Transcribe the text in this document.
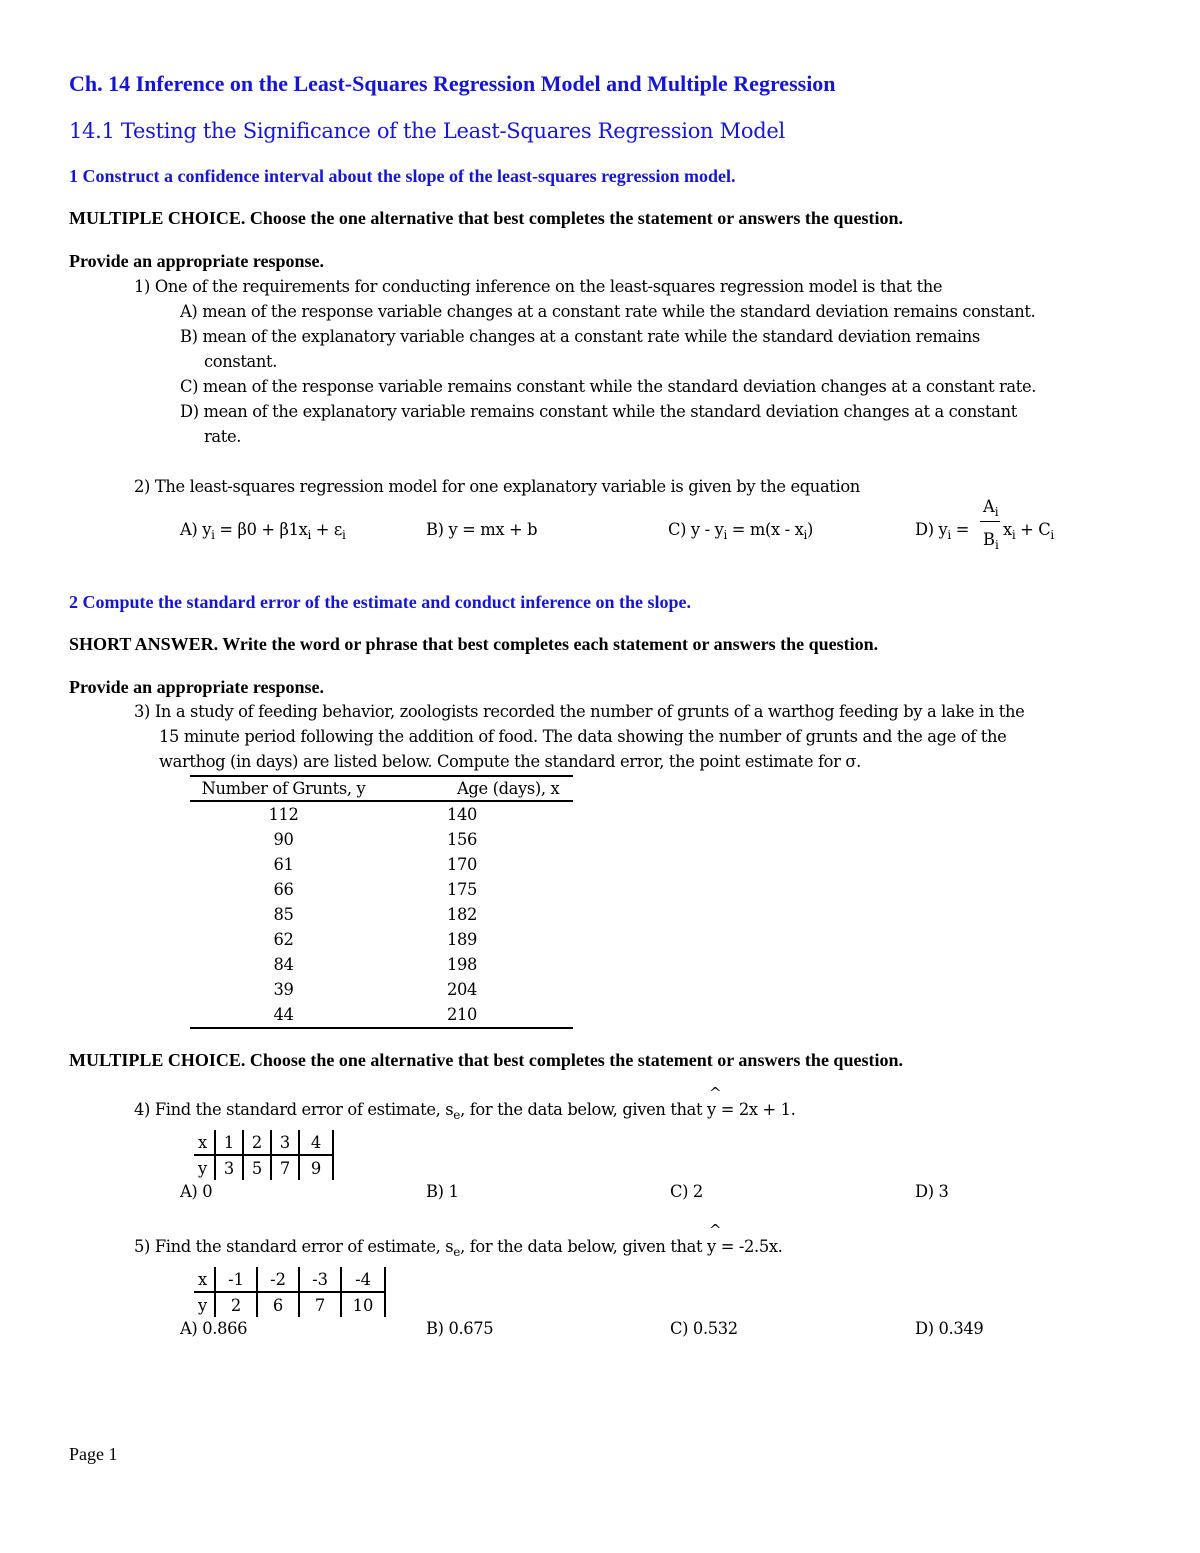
Ch. 14 Inference on the Least-Squares Regression Model and Multiple Regression
14.1 Testing the Significance of the Least-Squares Regression Model
1 Construct a confidence interval about the slope of the least-squares regression model.
MULTIPLE CHOICE. Choose the one alternative that best completes the statement or answers the question.
Provide an appropriate response.
1) One of the requirements for conducting inference on the least-squares regression model is that the
A) mean of the response variable changes at a constant rate while the standard deviation remains constant.
B) mean of the explanatory variable changes at a constant rate while the standard deviation remains
constant.
C) mean of the response variable remains constant while the standard deviation changes at a constant rate.
D) mean of the explanatory variable remains constant while the standard deviation changes at a constant
rate.
2) The least-squares regression model for one explanatory variable is given by the equation
A) $y_i = \beta 0 + \beta 1x_i + \varepsilon_i$	B) y = mx + b	C) $y - y_i = m(x - x_i)$	D) $y_i$ =
$A_i$
$B_i$
$x_i + C_i$
2 Compute the standard error of the estimate and conduct inference on the slope.
SHORT ANSWER. Write the word or phrase that best completes each statement or answers the question.
Provide an appropriate response.
3) In a study of feeding behavior, zoologists recorded the number of grunts of a warthog feeding by a lake in the
15 minute period following the addition of food. The data showing the number of grunts and the age of the
warthog (in days) are listed below. Compute the standard error, the point estimate for σ.
Number of Grunts, y	Age (days), x
112	140
90	156
61	170
66	175
85	182
62	189
84	198
39	204
44	210
MULTIPLE CHOICE. Choose the one alternative that best completes the statement or answers the question.
4) Find the standard error of estimate, $s_e$, for the data below, given that ^ y = 2x + 1.
x	1	2	3	4
y	3	5	7	9
A) 0	B) 1	C) 2	D) 3
5) Find the standard error of estimate, $s_e$, for the data below, given that ^ y = -2.5x.
x	-1	-2	-3	-4
y	2	6	7	10
A) 0.866	B) 0.675	C) 0.532	D) 0.349
Page 1
